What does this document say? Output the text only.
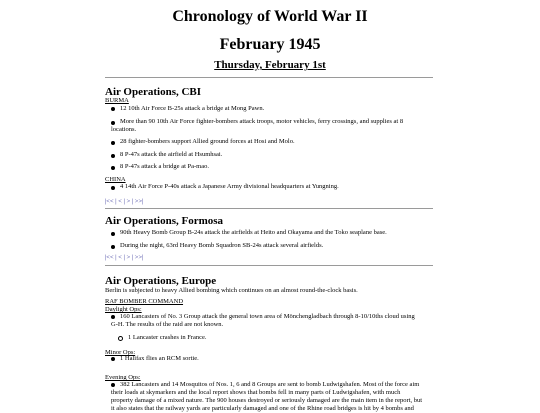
Chronology of World War II
February 1945
Thursday, February 1st
Air Operations, CBI
BURMA
12 10th Air Force B-25s attack a bridge at Mong Pawn.
More than 90 10th Air Force fighter-bombers attack troops, motor vehicles, ferry crossings, and supplies at 8
locations.
28 fighter-bombers support Allied ground forces at Hosi and Molo.
8 P-47s attack the airfield at Hsumhsai.
8 P-47s attack a bridge at Pa-mao.
CHINA
4 14th Air Force P-40s attack a Japanese Army divisional headquarters at Yungning.
|<< | < | > | >>|
Air Operations, Formosa
90th Heavy Bomb Group B-24s attack the airfields at Heito and Okayama and the Toko seaplane base.
During the night, 63rd Heavy Bomb Squadron SB-24s attack several airfields.
|<< | < | > | >>|
Air Operations, Europe
Berlin is subjected to heavy Allied bombing which continues on an almost round-the-clock basis.
RAF BOMBER COMMAND
Daylight Ops:
160 Lancasters of No. 3 Group attack the general town area of Mönchengladbach through 8-10/10ths cloud using
G-H. The results of the raid are not known.
1 Lancaster crashes in France.
Minor Ops:
1 Halifax flies an RCM sortie.
Evening Ops:
382 Lancasters and 14 Mosquitos of Nos. 1, 6 and 8 Groups are sent to bomb Ludwigshafen. Most of the force aim
their loads at skymarkers and the local report shows that bombs fell in many parts of Ludwigshafen, with much
property damage of a mixed nature. The 900 houses destroyed or seriously damaged are the main item in the report, but
it also states that the railway yards are particularly damaged and one of the Rhine road bridges is hit by 4 bombs and
